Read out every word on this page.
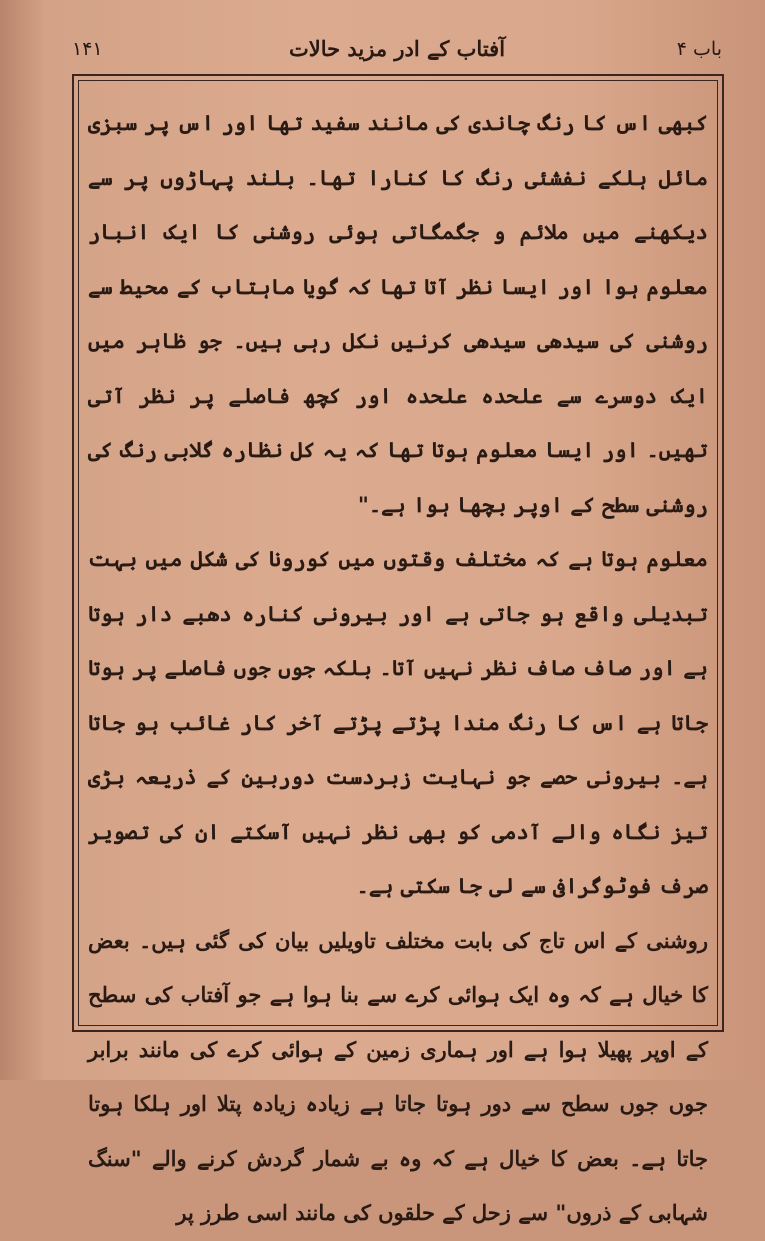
باب ۴
آفتاب کے ادر مزید حالات
۱۴۱

کبھی اس کا رنگ چاندی کی مانند سفید تھا اور اس پر سبزی مائل ہلکے نفشئی رنگ کا کنارا تھا۔ بلند پہاڑوں پر سے دیکھنے میں ملائم و جگمگاتی ہوئی روشنی کا ایک انبار معلوم ہوا اور ایسا نظر آتا تھا کہ گویا ماہتاب کے محیط سے روشنی کی سیدھی سیدھی کرنیں نکل رہی ہیں۔ جو ظاہر میں ایک دوسرے سے علحدہ علحدہ اور کچھ فاصلے پر نظر آتی تھیں۔ اور ایسا معلوم ہوتا تھا کہ یہ کل نظارہ گلابی رنگ کی روشنی سطح کے اوپر بچھا ہوا ہے۔"

معلوم ہوتا ہے کہ مختلف وقتوں میں کورونا کی شکل میں بہت تبدیلی واقع ہو جاتی ہے اور بیرونی کنارہ دھبے دار ہوتا ہے اور صاف صاف نظر نہیں آتا۔ بلکہ جوں جوں فاصلے پر ہوتا جاتا ہے اس کا رنگ مندا پڑتے پڑتے آخر کار غائب ہو جاتا ہے۔ بیرونی حصے جو نہایت زبردست دوربین کے ذریعہ بڑی تیز نگاہ والے آدمی کو بھی نظر نہیں آسکتے ان کی تصویر صرف فوٹوگرافی سے لی جا سکتی ہے۔

روشنی کے اس تاج کی بابت مختلف تاویلیں بیان کی گئی ہیں۔ بعض کا خیال ہے کہ وہ ایک ہوائی کرے سے بنا ہوا ہے جو آفتاب کی سطح کے اوپر پھیلا ہوا ہے اور ہماری زمین کے ہوائی کرے کی مانند برابر جوں جوں سطح سے دور ہوتا جاتا ہے زیادہ زیادہ پتلا اور ہلکا ہوتا جاتا ہے۔ بعض کا خیال ہے کہ وہ بے شمار گردش کرنے والے "سنگ شہابی کے ذروں" سے زحل کے حلقوں کی مانند اسی طرز پر
